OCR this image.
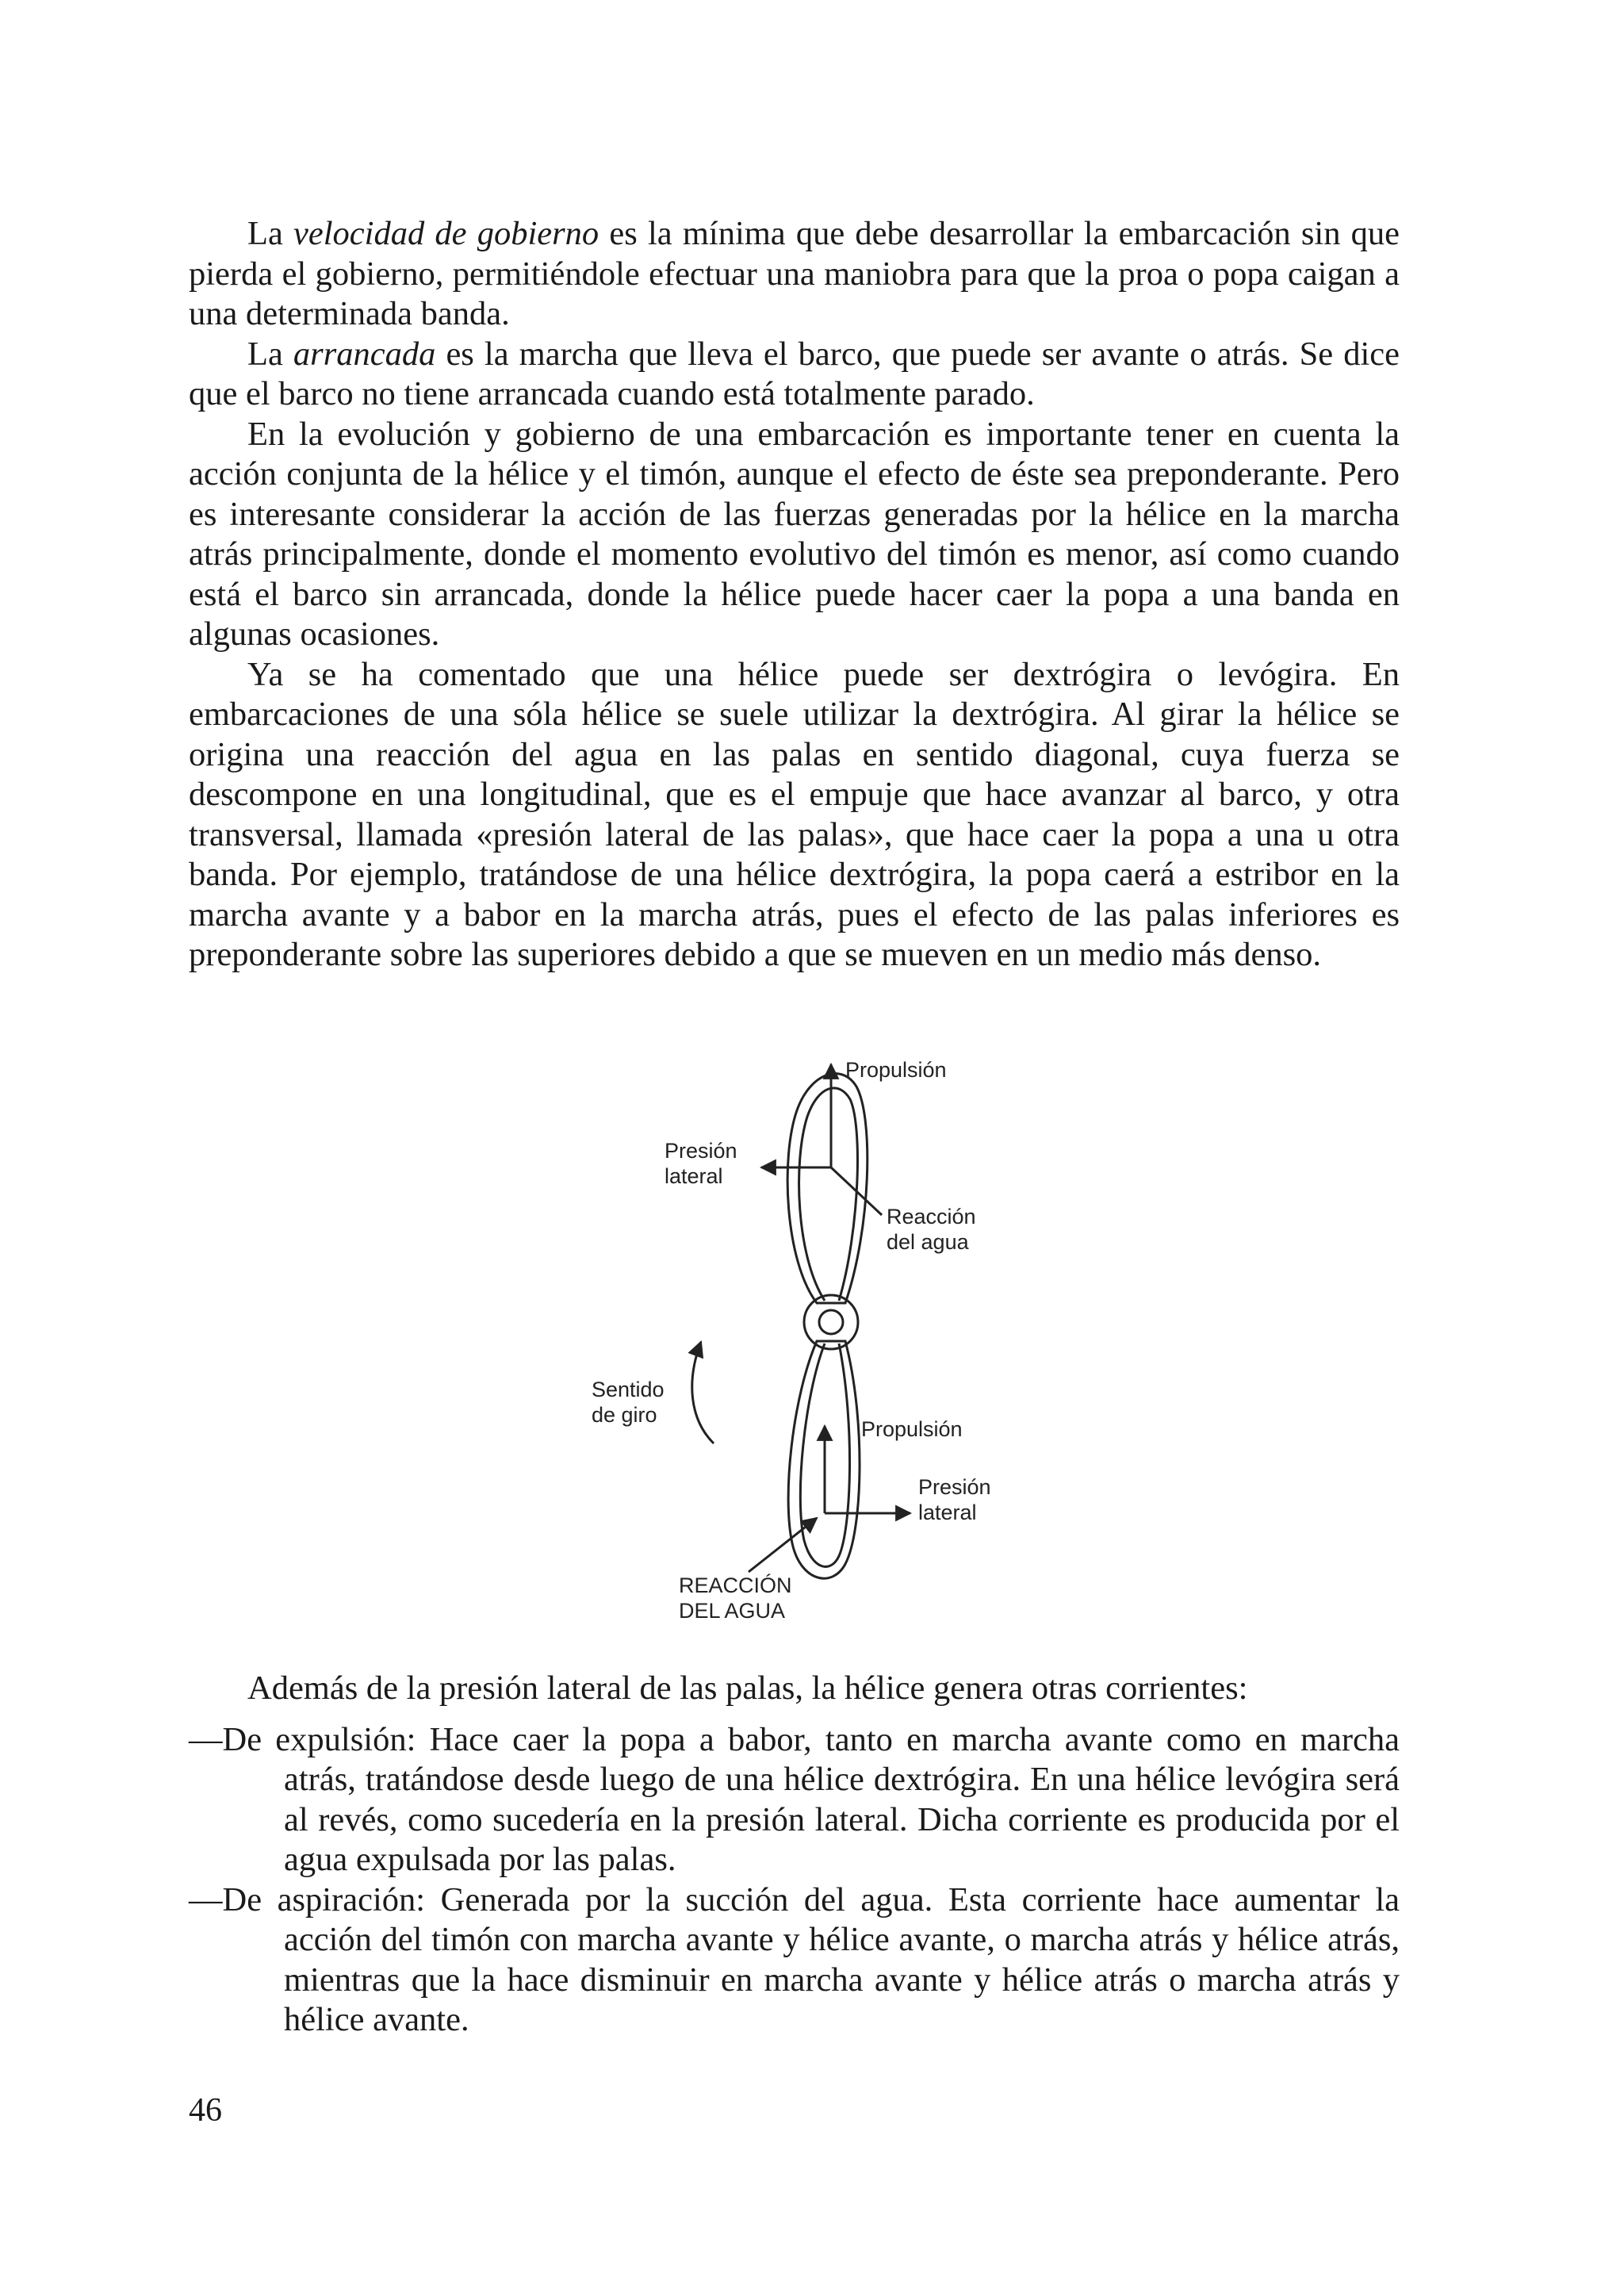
La velocidad de gobierno es la mínima que debe desarrollar la embarcación sin que pierda el gobierno, permitiéndole efectuar una maniobra para que la proa o popa caigan a una determinada banda.

La arrancada es la marcha que lleva el barco, que puede ser avante o atrás. Se dice que el barco no tiene arrancada cuando está totalmente parado.

En la evolución y gobierno de una embarcación es importante tener en cuenta la acción conjunta de la hélice y el timón, aunque el efecto de éste sea preponderante. Pero es interesante considerar la acción de las fuerzas generadas por la hélice en la marcha atrás principalmente, donde el momento evolutivo del timón es menor, así como cuando está el barco sin arrancada, donde la hélice puede hacer caer la popa a una banda en algunas ocasiones.

Ya se ha comentado que una hélice puede ser dextrógira o levógira. En embarcaciones de una sóla hélice se suele utilizar la dextrógira. Al girar la hélice se origina una reacción del agua en las palas en sentido diagonal, cuya fuerza se descompone en una longitudinal, que es el empuje que hace avanzar al barco, y otra transversal, llamada «presión lateral de las palas», que hace caer la popa a una u otra banda. Por ejemplo, tratándose de una hélice dextrógira, la popa caerá a estribor en la marcha avante y a babor en la marcha atrás, pues el efecto de las palas inferiores es preponderante sobre las superiores debido a que se mueven en un medio más denso.

Propulsión
Presión
lateral
Reacción
del agua
Sentido
de giro
Propulsión
Presión
lateral
REACCIÓN
DEL AGUA

Además de la presión lateral de las palas, la hélice genera otras corrientes:

—De expulsión: Hace caer la popa a babor, tanto en marcha avante como en marcha atrás, tratándose desde luego de una hélice dextrógira. En una hélice levógira será al revés, como sucedería en la presión lateral. Dicha corriente es producida por el agua expulsada por las palas.

—De aspiración: Generada por la succión del agua. Esta corriente hace aumentar la acción del timón con marcha avante y hélice avante, o marcha atrás y hélice atrás, mientras que la hace disminuir en marcha avante y hélice atrás o marcha atrás y hélice avante.

46
